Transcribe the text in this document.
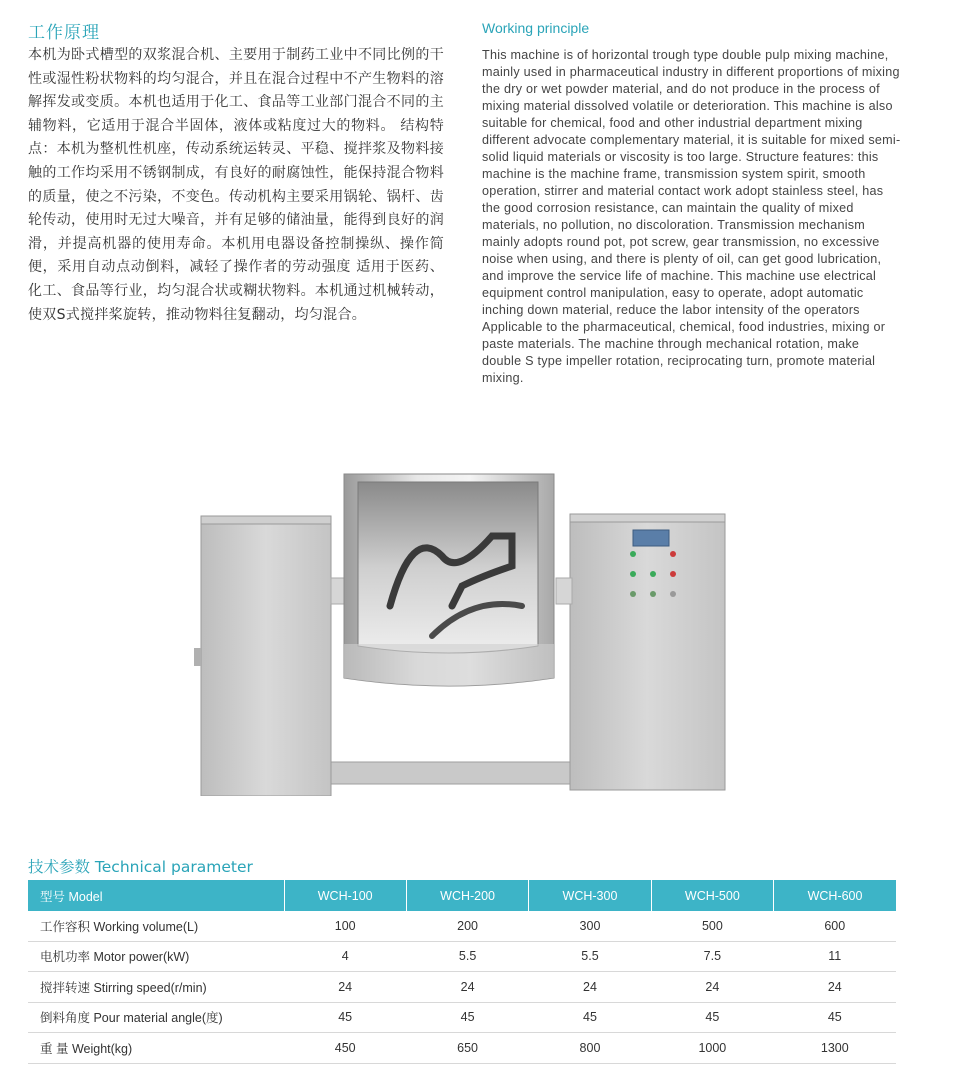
工作原理
本机为卧式槽型的双浆混合机、主要用于制药工业中不同比例的干性或湿性粉状物料的均匀混合，并且在混合过程中不产生物料的溶解挥发或变质。本机也适用于化工、食品等工业部门混合不同的主辅物料，它适用于混合半固体，液体或粘度过大的物料。 结构特点：本机为整机性机座，传动系统运转灵、平稳、搅拌浆及物料接触的工作均采用不锈钢制成，有良好的耐腐蚀性，能保持混合物料的质量，使之不污染，不变色。传动机构主要采用锅轮、锅杆、齿轮传动，使用时无过大噪音，并有足够的储油量，能得到良好的润滑，并提高机器的使用寿命。本机用电器设备控制操纵、操作简便，采用自动点动倒料，减轻了操作者的劳动强度 适用于医药、化工、食品等行业，均匀混合状或糊状物料。本机通过机械转动，使双S式搅拌桨旋转，推动物料往复翻动，均匀混合。
Working principle
This machine is of horizontal trough type double pulp mixing machine, mainly used in pharmaceutical industry in different proportions of mixing the dry or wet powder material, and do not produce in the process of mixing material dissolved volatile or deterioration. This machine is also suitable for chemical, food and other industrial department mixing different advocate complementary material, it is suitable for mixed semi-solid liquid materials or viscosity is too large. Structure features: this machine is the machine frame, transmission system spirit, smooth operation, stirrer and material contact work adopt stainless steel, has the good corrosion resistance, can maintain the quality of mixed materials, no pollution, no discoloration. Transmission mechanism mainly adopts round pot, pot screw, gear transmission, no excessive noise when using, and there is plenty of oil, can get good lubrication, and improve the service life of machine. This machine use electrical equipment control manipulation, easy to operate, adopt automatic inching down material, reduce the labor intensity of the operators Applicable to the pharmaceutical, chemical, food industries, mixing or paste materials. The machine through mechanical rotation, make double S type impeller rotation, reciprocating turn, promote material mixing.
技术参数 Technical parameter
型号 Model	WCH-100	WCH-200	WCH-300	WCH-500	WCH-600
工作容积 Working volume(L)	100	200	300	500	600
电机功率 Motor power(kW)	4	5.5	5.5	7.5	11
搅拌转速 Stirring speed(r/min)	24	24	24	24	24
倒料角度 Pour material angle(度)	45	45	45	45	45
重 量 Weight(kg)	450	650	800	1000	1300
